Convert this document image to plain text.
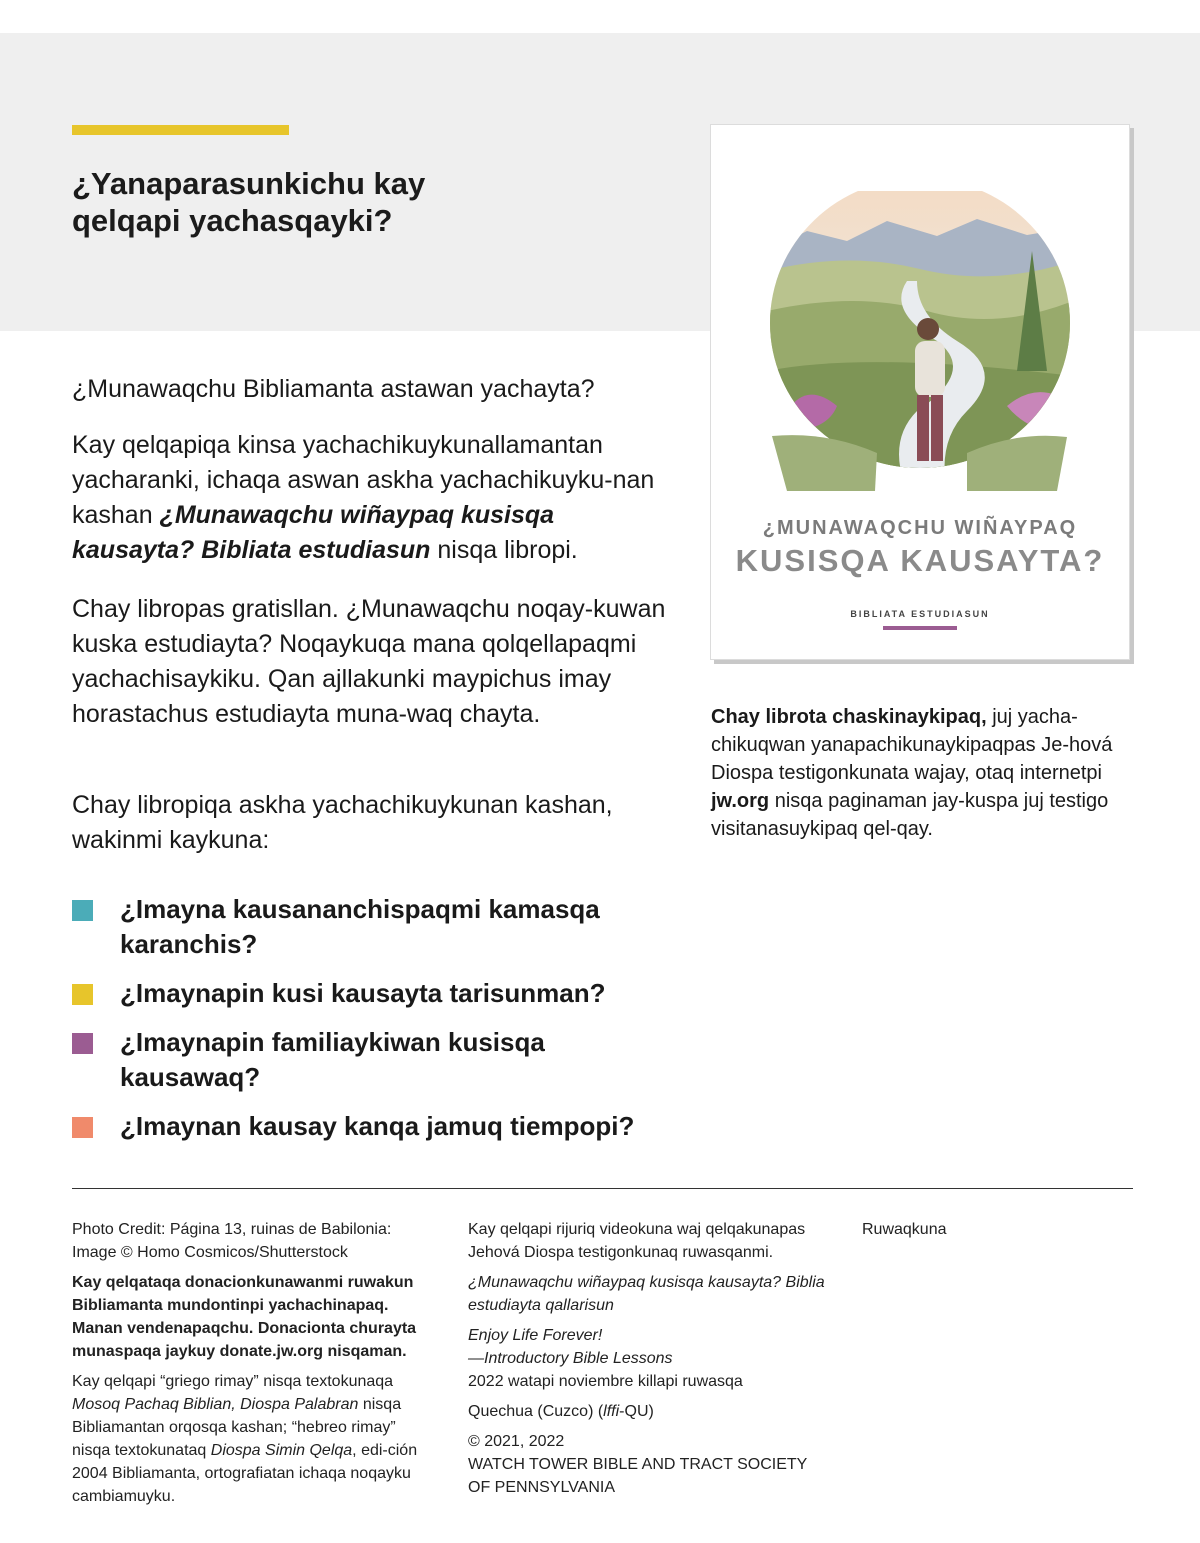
¿Yanaparasunkichu kay
qelqapi yachasqayki?

¿Munawaqchu Bibliamanta astawan yachayta?

Kay qelqapiqa kinsa yachachikuykunallamantan yacharanki, ichaqa aswan askha yachachikuyku-nan kashan ¿Munawaqchu wiñaypaq kusisqa kausayta? Bibliata estudiasun nisqa libropi.

Chay libropas gratisllan. ¿Munawaqchu noqay-kuwan kuska estudiayta? Noqaykuqa mana qolqellapaqmi yachachisaykiku. Qan ajllakunki maypichus imay horastachus estudiayta muna-waq chayta.

Chay libropiqa askha yachachikuykunan kashan, wakinmi kaykuna:

¿Imayna kausananchispaqmi kamasqa karanchis?
¿Imaynapin kusi kausayta tarisunman?
¿Imaynapin familiaykiwan kusisqa kausawaq?
¿Imaynan kausay kanqa jamuq tiempopi?
¿MUNAWAQCHU WIÑAYPAQ
KUSISQA KAUSAYTA?
BIBLIATA ESTUDIASUN

Chay librota chaskinaykipaq, juj yacha-chikuqwan yanapachikunaykipaqpas Je-hová Diospa testigonkunata wajay, otaq internetpi jw.org nisqa paginaman jay-kuspa juj testigo visitanasuykipaq qel-qay.

Photo Credit: Página 13, ruinas de Babilonia:
Image © Homo Cosmicos/Shutterstock

Kay qelqataqa donacionkunawanmi ruwakun Bibliamanta mundontinpi yachachinapaq. Manan vendenapaqchu. Donacionta churayta munaspaqa jaykuy donate.jw.org nisqaman.

Kay qelqapi “griego rimay” nisqa textokunaqa Mosoq Pachaq Biblian, Diospa Palabran nisqa Bibliamantan orqosqa kashan; “hebreo rimay” nisqa textokunataq Diospa Simin Qelqa, edi-ción 2004 Bibliamanta, ortografiatan ichaqa noqayku cambiamuyku.

Kay qelqapi rijuriq videokuna waj qelqakunapas Jehová Diospa testigonkunaq ruwasqanmi.

¿Munawaqchu wiñaypaq kusisqa kausayta? Biblia estudiayta qallarisun

Enjoy Life Forever!
—Introductory Bible Lessons
2022 watapi noviembre killapi ruwasqa

Quechua (Cuzco) (lffi-QU)

© 2021, 2022
WATCH TOWER BIBLE AND TRACT SOCIETY
OF PENNSYLVANIA

Ruwaqkuna
